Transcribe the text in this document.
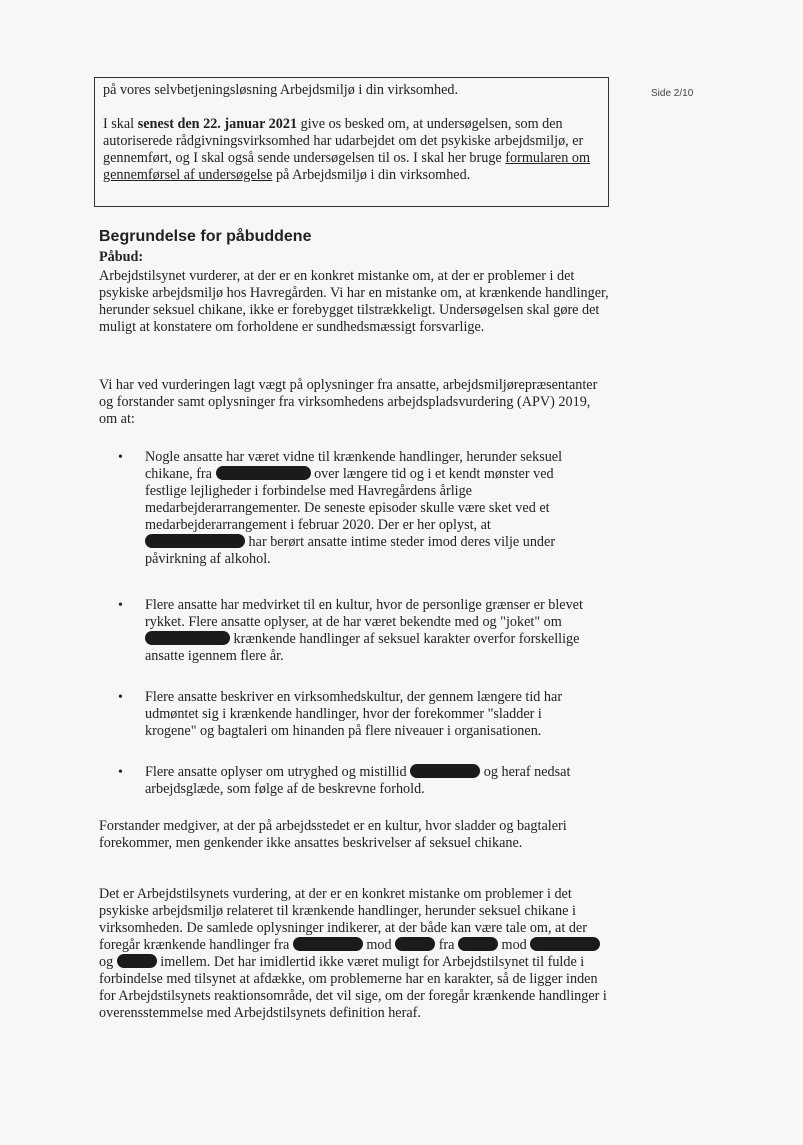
Side 2/10

på vores selvbetjeningsløsning Arbejdsmiljø i din virksomhed.

I skal senest den 22. januar 2021 give os besked om, at undersøgelsen, som den autoriserede rådgivningsvirksomhed har udarbejdet om det psykiske arbejdsmiljø, er gennemført, og I skal også sende undersøgelsen til os. I skal her bruge formularen om gennemførsel af undersøgelse på Arbejdsmiljø i din virksomhed.

Begrundelse for påbuddene
Påbud:

Arbejdstilsynet vurderer, at der er en konkret mistanke om, at der er problemer i det psykiske arbejdsmiljø hos Havregården. Vi har en mistanke om, at krænkende handlinger, herunder seksuel chikane, ikke er forebygget tilstrækkeligt. Undersøgelsen skal gøre det muligt at konstatere om forholdene er sundhedsmæssigt forsvarlige.

Vi har ved vurderingen lagt vægt på oplysninger fra ansatte, arbejdsmiljørepræsentanter og forstander samt oplysninger fra virksomhedens arbejdspladsvurdering (APV) 2019, om at:

• Nogle ansatte har været vidne til krænkende handlinger, herunder seksuel chikane, fra	over længere tid og i et kendt mønster ved festlige lejligheder i forbindelse med Havregårdens årlige medarbejderarrangementer. De seneste episoder skulle være sket ved et medarbejderarrangement i februar 2020. Der er her oplyst, at  har berørt ansatte intime steder imod deres vilje under påvirkning af alkohol.
• Flere ansatte har medvirket til en kultur, hvor de personlige grænser er blevet rykket. Flere ansatte oplyser, at de har været bekendte med og "joket" om  krænkende handlinger af seksuel karakter overfor forskellige ansatte igennem flere år.
• Flere ansatte beskriver en virksomhedskultur, der gennem længere tid har udmøntet sig i krænkende handlinger, hvor der forekommer "sladder i krogene" og bagtaleri om hinanden på flere niveauer i organisationen.
• Flere ansatte oplyser om utryghed og mistillid	og heraf nedsat arbejdsglæde, som følge af de beskrevne forhold.

Forstander medgiver, at der på arbejdsstedet er en kultur, hvor sladder og bagtaleri forekommer, men genkender ikke ansattes beskrivelser af seksuel chikane.

Det er Arbejdstilsynets vurdering, at der er en konkret mistanke om problemer i det psykiske arbejdsmiljø relateret til krænkende handlinger, herunder seksuel chikane i virksomheden. De samlede oplysninger indikerer, at der både kan være tale om, at der foregår krænkende handlinger fra	mod	fra	mod  og	imellem. Det har imidlertid ikke været muligt for Arbejdstilsynet til fulde i forbindelse med tilsynet at afdække, om problemerne har en karakter, så de ligger inden for Arbejdstilsynets reaktionsområde, det vil sige, om der foregår krænkende handlinger i overensstemmelse med Arbejdstilsynets definition heraf.
